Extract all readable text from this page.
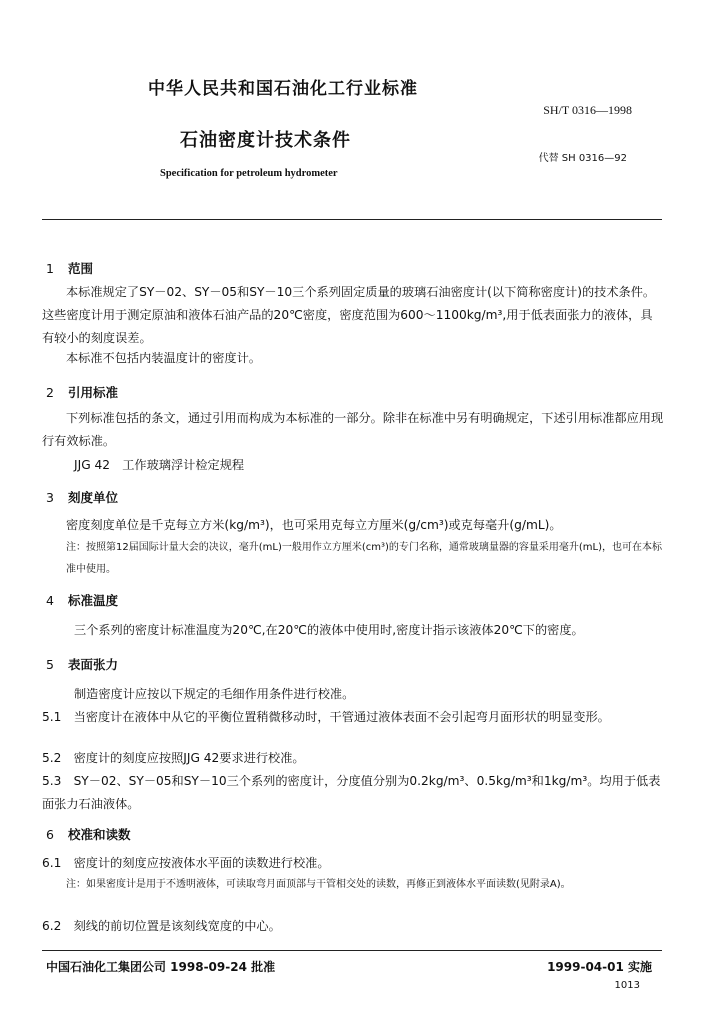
中华人民共和国石油化工行业标准
SH/T 0316—1998
石油密度计技术条件
代替 SH 0316—92
Specification for petroleum hydrometer
1 范围
本标准规定了SY－02、SY－05和SY－10三个系列固定质量的玻璃石油密度计(以下简称密度计)的技术条件。这些密度计用于测定原油和液体石油产品的20℃密度，密度范围为600～1100kg/m³,用于低表面张力的液体，具有较小的刻度误差。
本标准不包括内装温度计的密度计。
2 引用标准
下列标准包括的条文，通过引用而构成为本标准的一部分。除非在标准中另有明确规定，下述引用标准都应用现行有效标准。
JJG 42　工作玻璃浮计检定规程
3 刻度单位
密度刻度单位是千克每立方米(kg/m³)，也可采用克每立方厘米(g/cm³)或克每毫升(g/mL)。
注：按照第12届国际计量大会的决议，毫升(mL)一般用作立方厘米(cm³)的专门名称，通常玻璃量器的容量采用毫升(mL)，也可在本标准中使用。
4 标准温度
三个系列的密度计标准温度为20℃,在20℃的液体中使用时,密度计指示该液体20℃下的密度。
5 表面张力
制造密度计应按以下规定的毛细作用条件进行校准。
5.1　当密度计在液体中从它的平衡位置稍微移动时，干管通过液体表面不会引起弯月面形状的明显变形。
5.2　密度计的刻度应按照JJG 42要求进行校准。
5.3　SY－02、SY－05和SY－10三个系列的密度计，分度值分别为0.2kg/m³、0.5kg/m³和1kg/m³。均用于低表面张力石油液体。
6 校准和读数
6.1　密度计的刻度应按液体水平面的读数进行校准。
注：如果密度计是用于不透明液体，可读取弯月面顶部与干管相交处的读数，再修正到液体水平面读数(见附录A)。
6.2　刻线的前切位置是该刻线宽度的中心。
中国石油化工集团公司 1998-09-24 批准	1999-04-01 实施
1013
